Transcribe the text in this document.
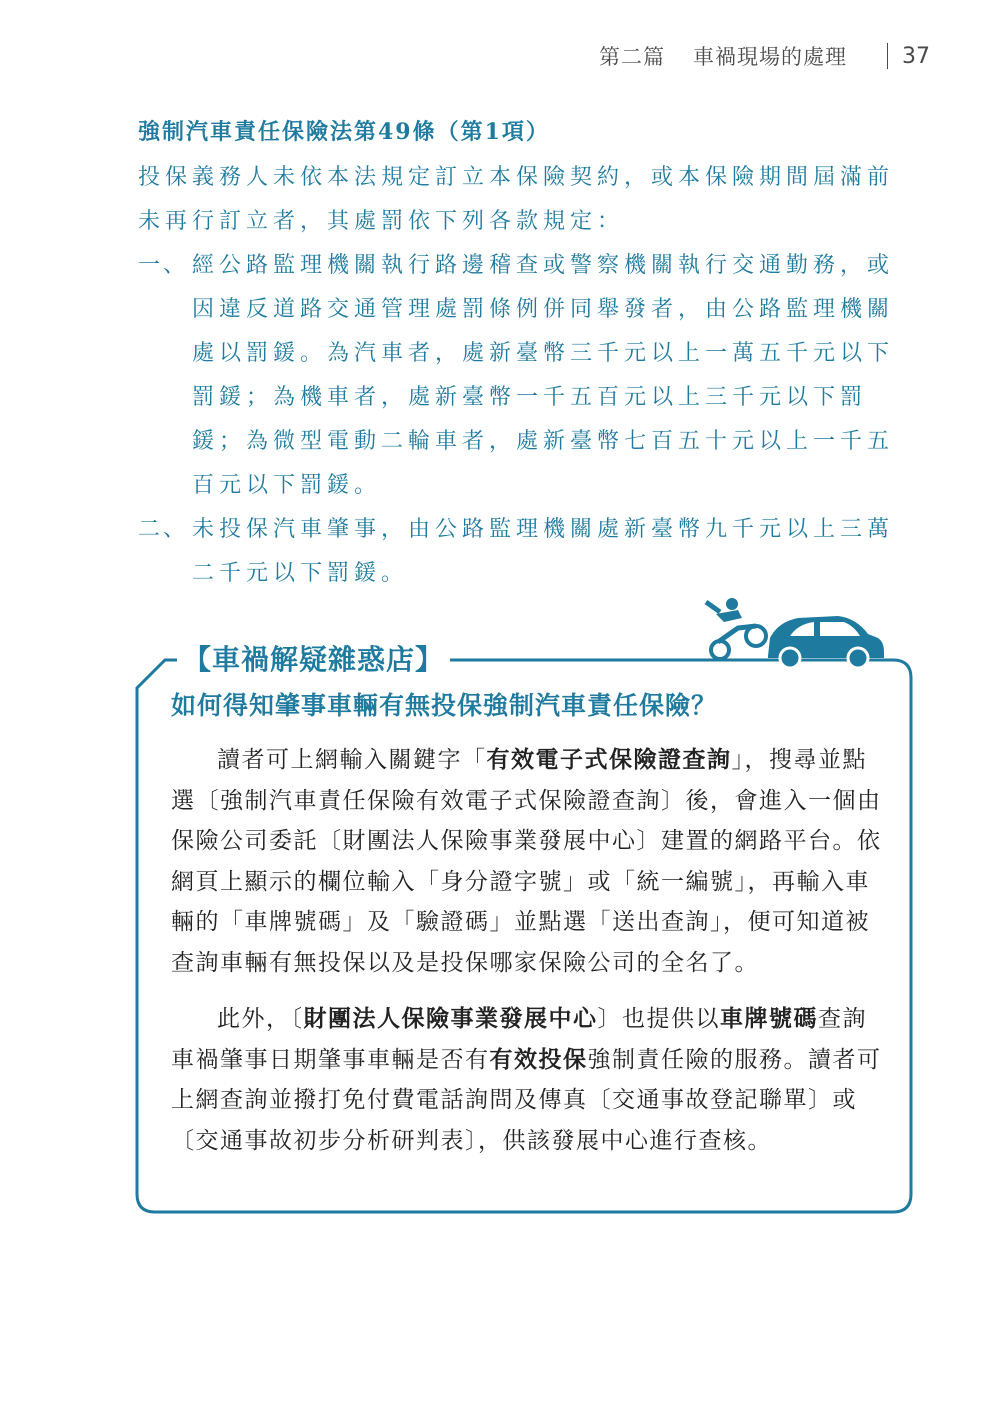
第二篇 車禍現場的處理	37

強制汽車責任保險法第49條（第1項）

投保義務人未依本法規定訂立本保險契約，或本保險期間屆滿前未再行訂立者，其處罰依下列各款規定：

一、 經公路監理機關執行路邊稽查或警察機關執行交通勤務，或因違反道路交通管理處罰條例併同舉發者，由公路監理機關處以罰鍰。為汽車者，處新臺幣三千元以上一萬五千元以下罰鍰；為機車者，處新臺幣一千五百元以上三千元以下罰鍰；為微型電動二輪車者，處新臺幣七百五十元以上一千五百元以下罰鍰。

二、 未投保汽車肇事，由公路監理機關處新臺幣九千元以上三萬二千元以下罰鍰。

【車禍解疑雜惑店】
如何得知肇事車輛有無投保強制汽車責任保險？

讀者可上網輸入關鍵字「有效電子式保險證查詢」，搜尋並點選〔強制汽車責任保險有效電子式保險證查詢〕後，會進入一個由保險公司委託〔財團法人保險事業發展中心〕建置的網路平台。依網頁上顯示的欄位輸入「身分證字號」或「統一編號」，再輸入車輛的「車牌號碼」及「驗證碼」並點選「送出查詢」，便可知道被查詢車輛有無投保以及是投保哪家保險公司的全名了。

此外，〔財團法人保險事業發展中心〕也提供以車牌號碼查詢車禍肇事日期肇事車輛是否有有效投保強制責任險的服務。讀者可上網查詢並撥打免付費電話詢問及傳真〔交通事故登記聯單〕或〔交通事故初步分析研判表〕，供該發展中心進行查核。
